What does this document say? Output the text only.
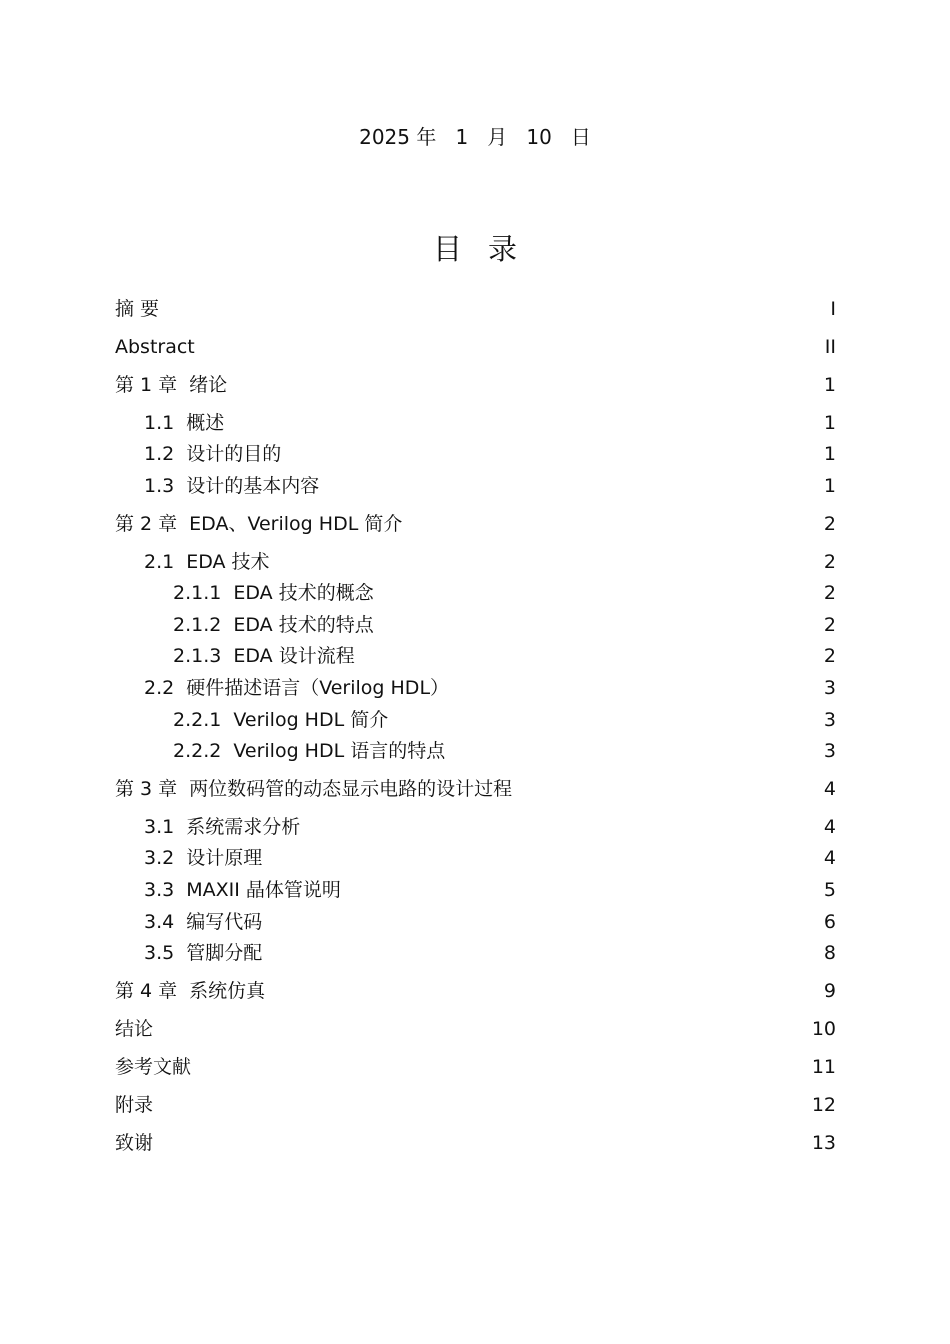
2025 年 1 月 10 日
目录
摘 要	I
Abstract	II
第 1 章 绪论	1
1.1 概述	1
1.2 设计的目的	1
1.3 设计的基本内容	1
第 2 章 EDA、Verilog HDL 简介	2
2.1 EDA 技术	2
2.1.1 EDA 技术的概念	2
2.1.2 EDA 技术的特点	2
2.1.3 EDA 设计流程	2
2.2 硬件描述语言（Verilog HDL）	3
2.2.1 Verilog HDL 简介	3
2.2.2 Verilog HDL 语言的特点	3
第 3 章 两位数码管的动态显示电路的设计过程	4
3.1 系统需求分析	4
3.2 设计原理	4
3.3 MAXII 晶体管说明	5
3.4 编写代码	6
3.5 管脚分配	8
第 4 章 系统仿真	9
结论	10
参考文献	11
附录	12
致谢	13
